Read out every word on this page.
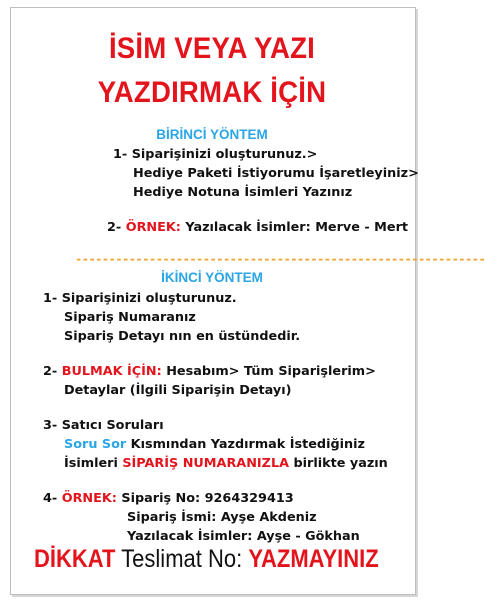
İSİM VEYA YAZI
YAZDIRMAK İÇİN
BİRİNCİ YÖNTEM
1- Siparişinizi oluşturunuz.>
Hediye Paketi İstiyorumu İşaretleyiniz>
Hediye Notuna İsimleri Yazınız
2- ÖRNEK: Yazılacak İsimler: Merve - Mert
-------------------------------------------------------------
İKİNCİ YÖNTEM
1- Siparişinizi oluşturunuz.
Sipariş Numaranız
Sipariş Detayı nın en üstündedir.
2- BULMAK İÇİN: Hesabım> Tüm Siparişlerim>
Detaylar (İlgili Siparişin Detayı)
3- Satıcı Soruları
Soru Sor Kısmından Yazdırmak İstediğiniz
İsimleri SİPARİŞ NUMARANIZLA birlikte yazın
4- ÖRNEK: Sipariş No: 9264329413
Sipariş İsmi: Ayşe Akdeniz
Yazılacak İsimler: Ayşe - Gökhan
DİKKAT Teslimat No: YAZMAYINIZ
